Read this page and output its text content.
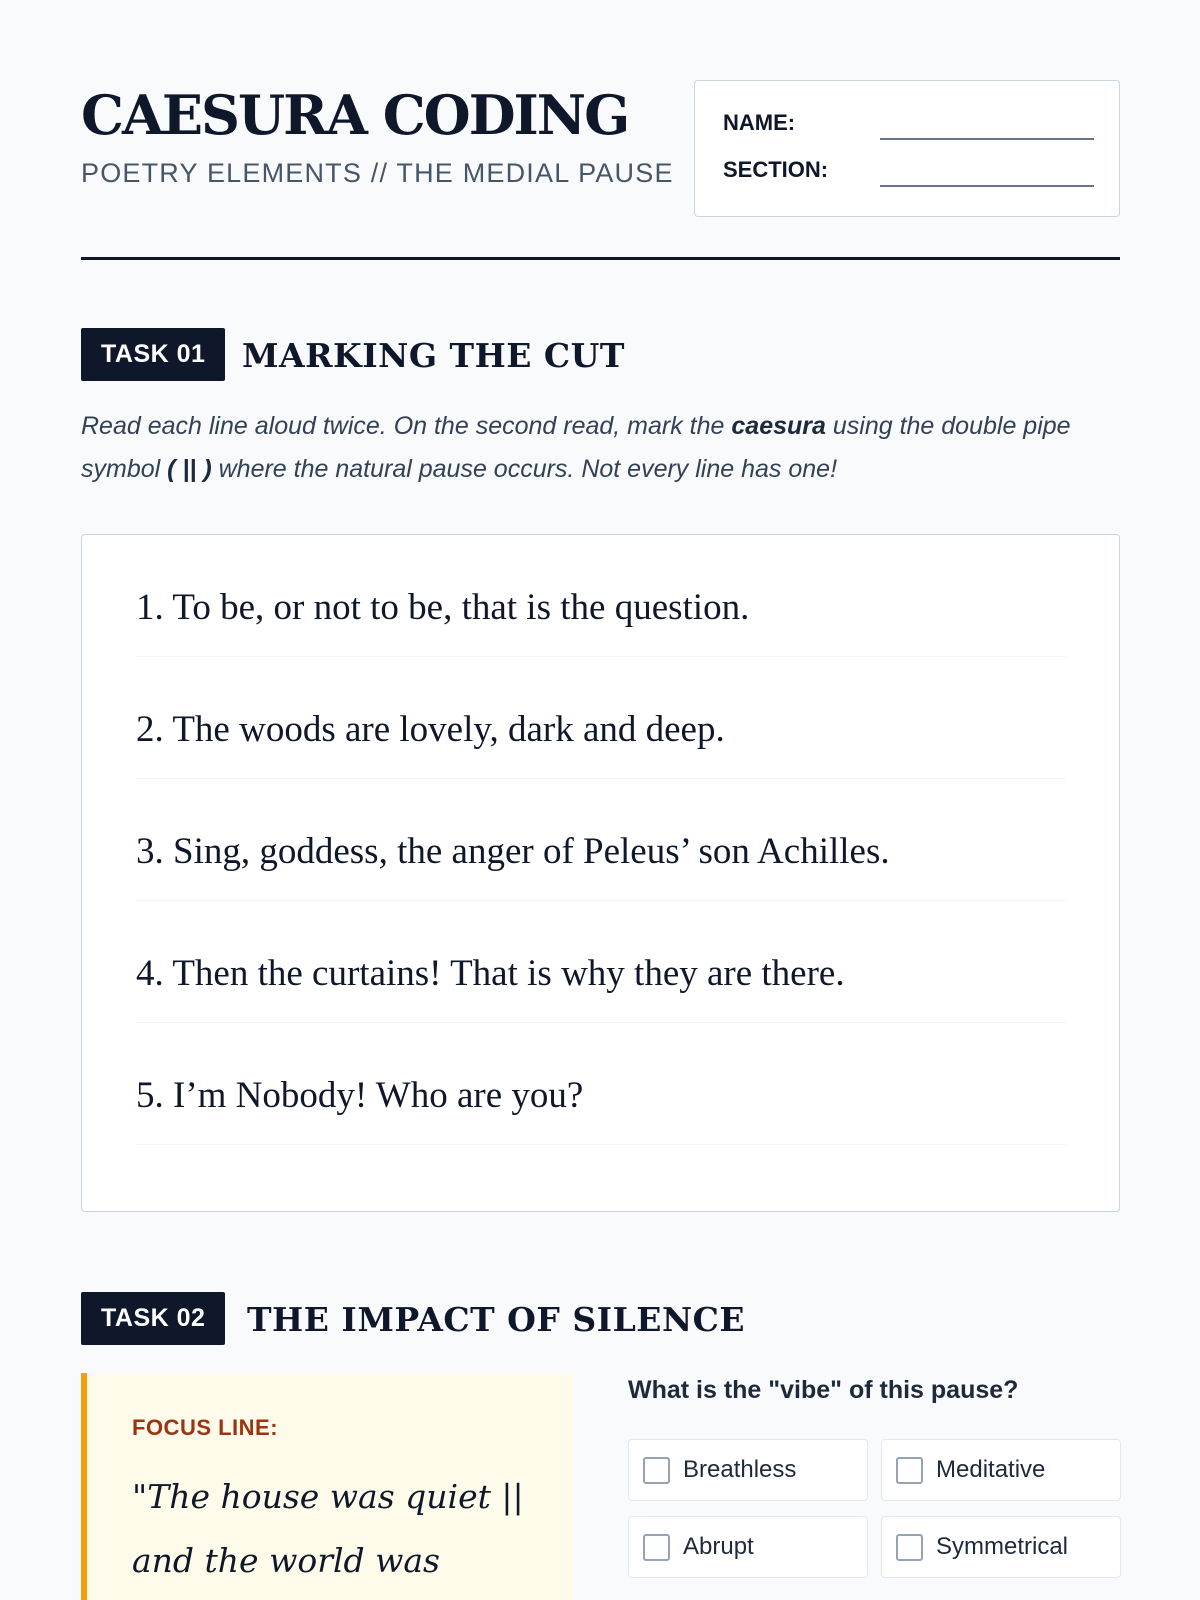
CAESURA CODING
POETRY ELEMENTS // THE MEDIAL PAUSE
NAME:
SECTION:
TASK 01	MARKING THE CUT

Read each line aloud twice. On the second read, mark the caesura using the double pipe symbol ( || ) where the natural pause occurs. Not every line has one!

1. To be, or not to be, that is the question.
2. The woods are lovely, dark and deep.
3. Sing, goddess, the anger of Peleus’ son Achilles.
4. Then the curtains! That is why they are there.
5. I’m Nobody! Who are you?
TASK 02	THE IMPACT OF SILENCE
FOCUS LINE:
"The house was quiet ||
and the world was
What is the "vibe" of this pause?
Breathless	Meditative
Abrupt	Symmetrical
